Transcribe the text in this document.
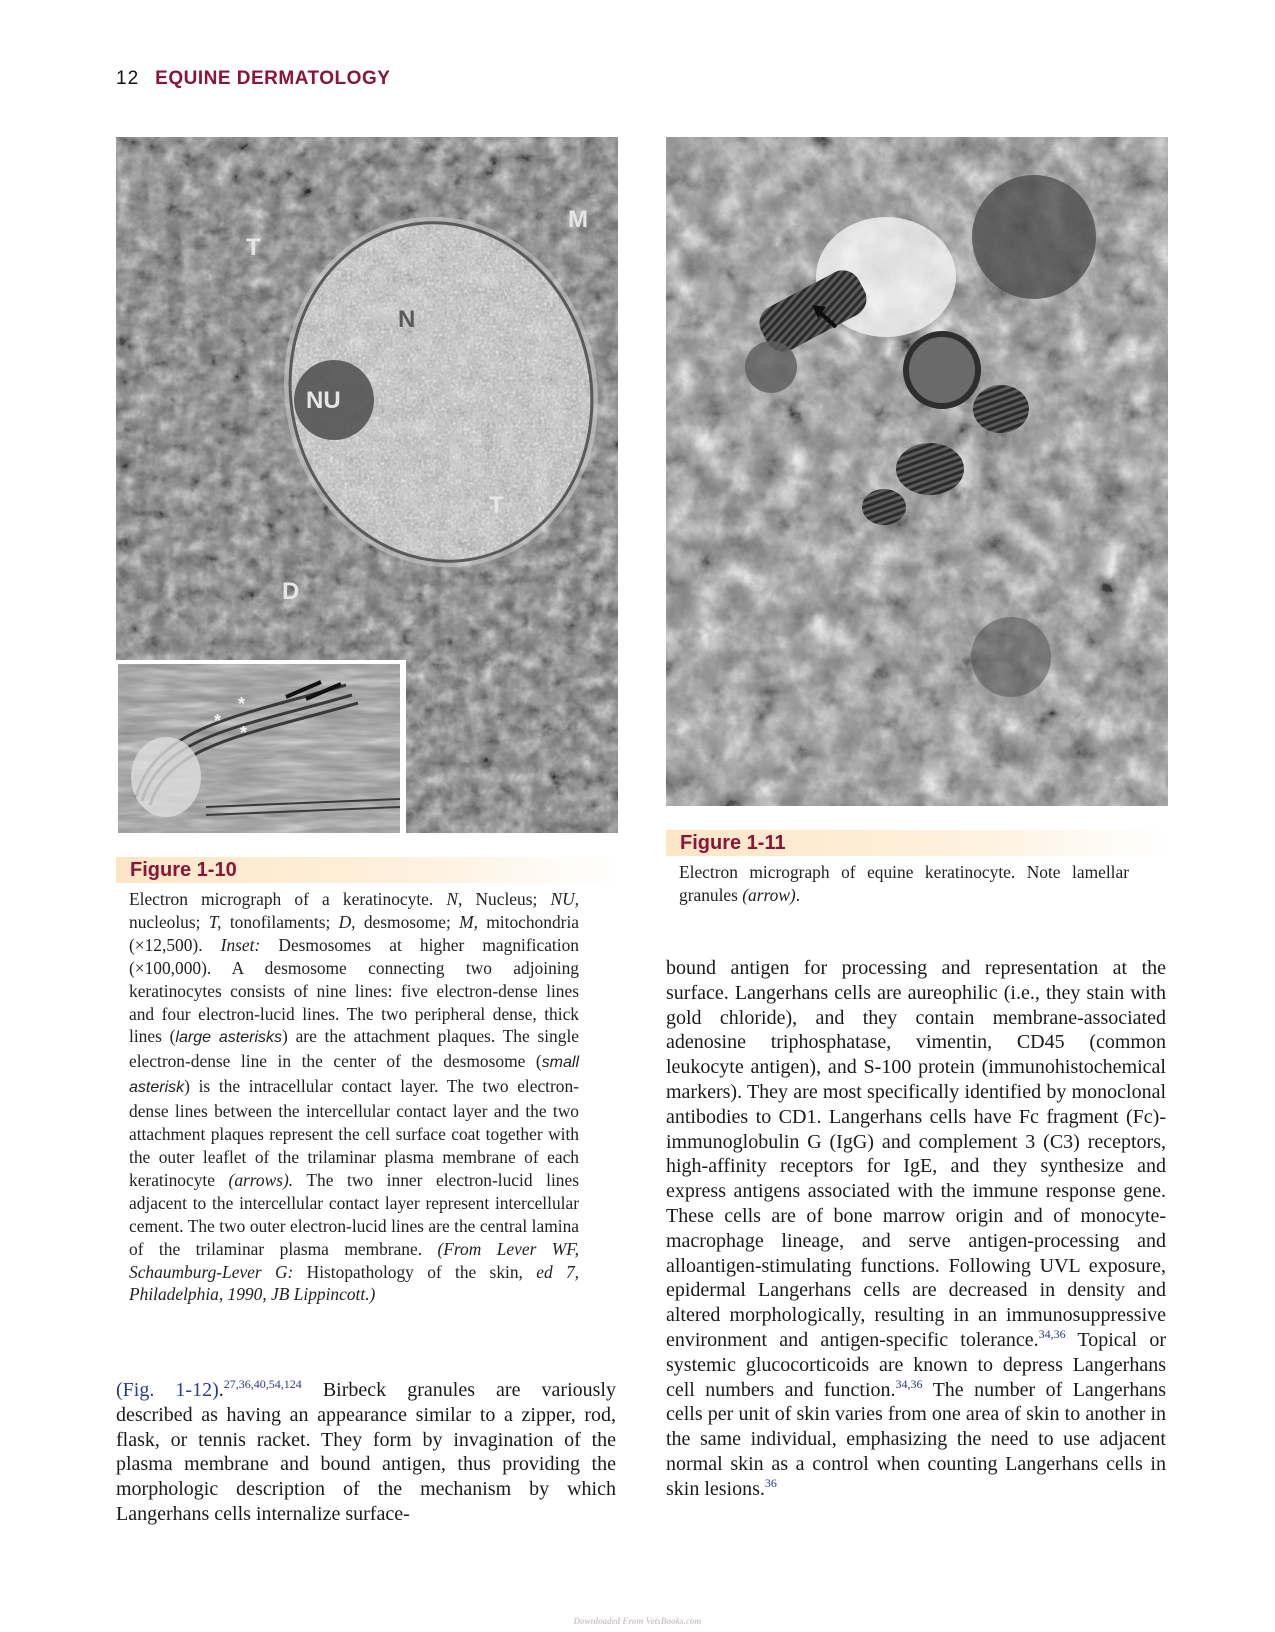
12 EQUINE DERMATOLOGY
M
T
N
NU
T
D
*
*
*
Figure 1-11
Electron micrograph of equine keratinocyte. Note lamellar granules (arrow).
Figure 1-10
Electron micrograph of a keratinocyte. N, Nucleus; NU, nucleolus; T, tonofilaments; D, desmosome; M, mitochondria (×12,500). Inset: Desmosomes at higher magnification (×100,000). A desmosome connecting two adjoining keratinocytes consists of nine lines: five electron-dense lines and four electron-lucid lines. The two peripheral dense, thick lines (large asterisks) are the attachment plaques. The single electron-dense line in the center of the desmosome (small asterisk) is the intracellular contact layer. The two electron-dense lines between the intercellular contact layer and the two attachment plaques represent the cell surface coat together with the outer leaflet of the trilaminar plasma membrane of each keratinocyte (arrows). The two inner electron-lucid lines adjacent to the intercellular contact layer represent intercellular cement. The two outer electron-lucid lines are the central lamina of the trilaminar plasma membrane. (From Lever WF, Schaumburg-Lever G: Histopathology of the skin, ed 7, Philadelphia, 1990, JB Lippincott.)
(Fig. 1-12).$^{27,36,40,54,124}$ Birbeck granules are variously described as having an appearance similar to a zipper, rod, flask, or tennis racket. They form by invagination of the plasma membrane and bound antigen, thus providing the morphologic description of the mechanism by which Langerhans cells internalize surface-
bound antigen for processing and representation at the surface. Langerhans cells are aureophilic (i.e., they stain with gold chloride), and they contain membrane-associated adenosine triphosphatase, vimentin, CD45 (common leukocyte antigen), and S-100 protein (immunohistochemical markers). They are most specifically identified by monoclonal antibodies to CD1. Langerhans cells have Fc fragment (Fc)-immunoglobulin G (IgG) and complement 3 (C3) receptors, high-affinity receptors for IgE, and they synthesize and express antigens associated with the immune response gene. These cells are of bone marrow origin and of monocyte-macrophage lineage, and serve antigen-processing and alloantigen-stimulating functions. Following UVL exposure, epidermal Langerhans cells are decreased in density and altered morphologically, resulting in an immunosuppressive environment and antigen-specific tolerance.$^{34,36}$ Topical or systemic glucocorticoids are known to depress Langerhans cell numbers and function.$^{34,36}$ The number of Langerhans cells per unit of skin varies from one area of skin to another in the same individual, emphasizing the need to use adjacent normal skin as a control when counting Langerhans cells in skin lesions.$^{36}$
Downloaded From VetsBooks.com
